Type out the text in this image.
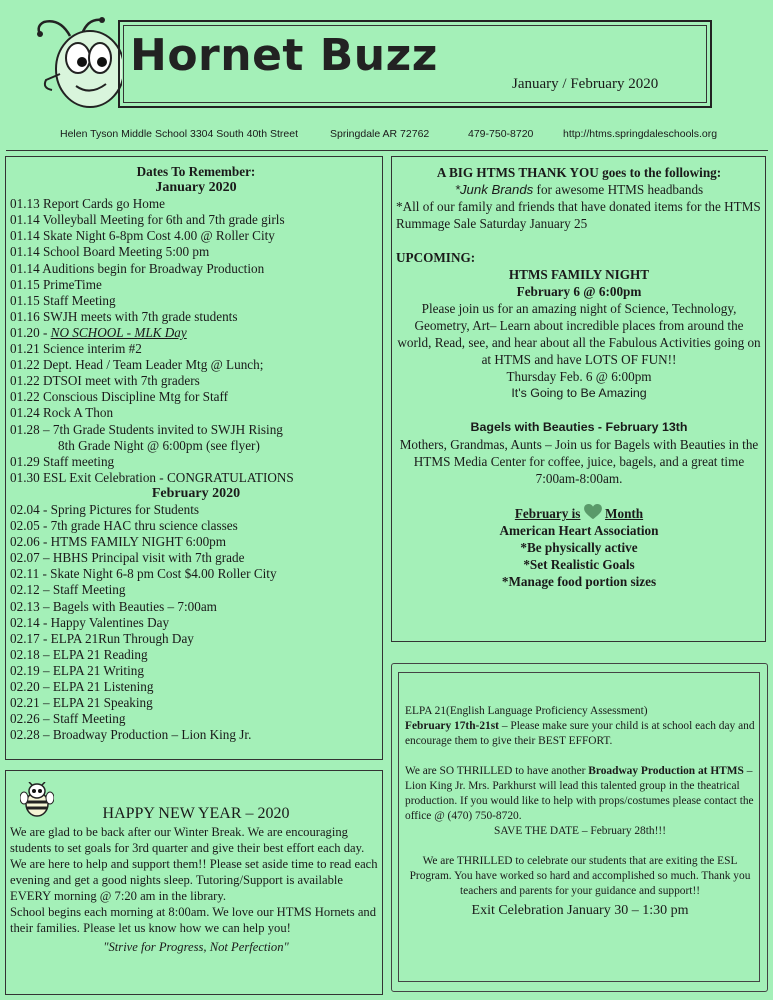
Hornet Buzz
January / February 2020
Helen Tyson Middle School 3304 South 40th Street	Springdale AR 72762	479-750-8720	http://htms.springdaleschools.org
Dates To Remember:
January 2020
01.13 Report Cards go Home
01.14 Volleyball Meeting for 6th and 7th grade girls
01.14 Skate Night 6-8pm Cost 4.00 @ Roller City
01.14 School Board Meeting 5:00 pm
01.14 Auditions begin for Broadway Production
01.15 PrimeTime
01.15 Staff Meeting
01.16 SWJH meets with 7th grade students
01.20 - NO SCHOOL - MLK Day
01.21 Science interim #2
01.22 Dept. Head / Team Leader Mtg @ Lunch;
01.22 DTSOI meet with 7th graders
01.22 Conscious Discipline Mtg for Staff
01.24 Rock A Thon
01.28 – 7th Grade Students invited to SWJH Rising
8th Grade Night @ 6:00pm (see flyer)
01.29 Staff meeting
01.30 ESL Exit Celebration - CONGRATULATIONS
February 2020
02.04 - Spring Pictures for Students
02.05 - 7th grade HAC thru science classes
02.06 - HTMS FAMILY NIGHT 6:00pm
02.07 – HBHS Principal visit with 7th grade
02.11 - Skate Night 6-8 pm Cost $4.00 Roller City
02.12 – Staff Meeting
02.13 – Bagels with Beauties – 7:00am
02.14 - Happy Valentines Day
02.17 - ELPA 21Run Through Day
02.18 – ELPA 21 Reading
02.19 – ELPA 21 Writing
02.20 – ELPA 21 Listening
02.21 – ELPA 21 Speaking
02.26 – Staff Meeting
02.28 – Broadway Production – Lion King Jr.

A BIG HTMS THANK YOU goes to the following:

*Junk Brands for awesome HTMS headbands

*All of our family and friends that have donated items for the HTMS Rummage Sale Saturday January 25

UPCOMING:

HTMS FAMILY NIGHT

February 6 @ 6:00pm

Please join us for an amazing night of Science, Technology, Geometry, Art– Learn about incredible places from around the world, Read, see, and hear about all the Fabulous Activities going on at HTMS and have LOTS OF FUN!!

Thursday Feb. 6 @ 6:00pm

It's Going to Be Amazing

Bagels with Beauties - February 13th

Mothers, Grandmas, Aunts – Join us for Bagels with Beauties in the HTMS Media Center for coffee, juice, bagels, and a great time

7:00am-8:00am.

February is Month

American Heart Association

*Be physically active
*Set Realistic Goals
*Manage food portion sizes

ELPA 21(English Language Proficiency Assessment)

February 17th-21st – Please make sure your child is at school each day and encourage them to give their BEST EFFORT.

We are SO THRILLED to have another Broadway Production at HTMS – Lion King Jr. Mrs. Parkhurst will lead this talented group in the theatrical production. If you would like to help with props/costumes please contact the office @ (470) 750-8720.

SAVE THE DATE – February 28th!!!

We are THRILLED to celebrate our students that are exiting the ESL Program. You have worked so hard and accomplished so much. Thank you teachers and parents for your guidance and support!!

Exit Celebration January 30 – 1:30 pm

HAPPY NEW YEAR – 2020

We are glad to be back after our Winter Break. We are encouraging students to set goals for 3rd quarter and give their best effort each day. We are here to help and support them!! Please set aside time to read each evening and get a good nights sleep. Tutoring/Support is available EVERY morning @ 7:20 am in the library.

School begins each morning at 8:00am. We love our HTMS Hornets and their families. Please let us know how we can help you!

"Strive for Progress, Not Perfection"
